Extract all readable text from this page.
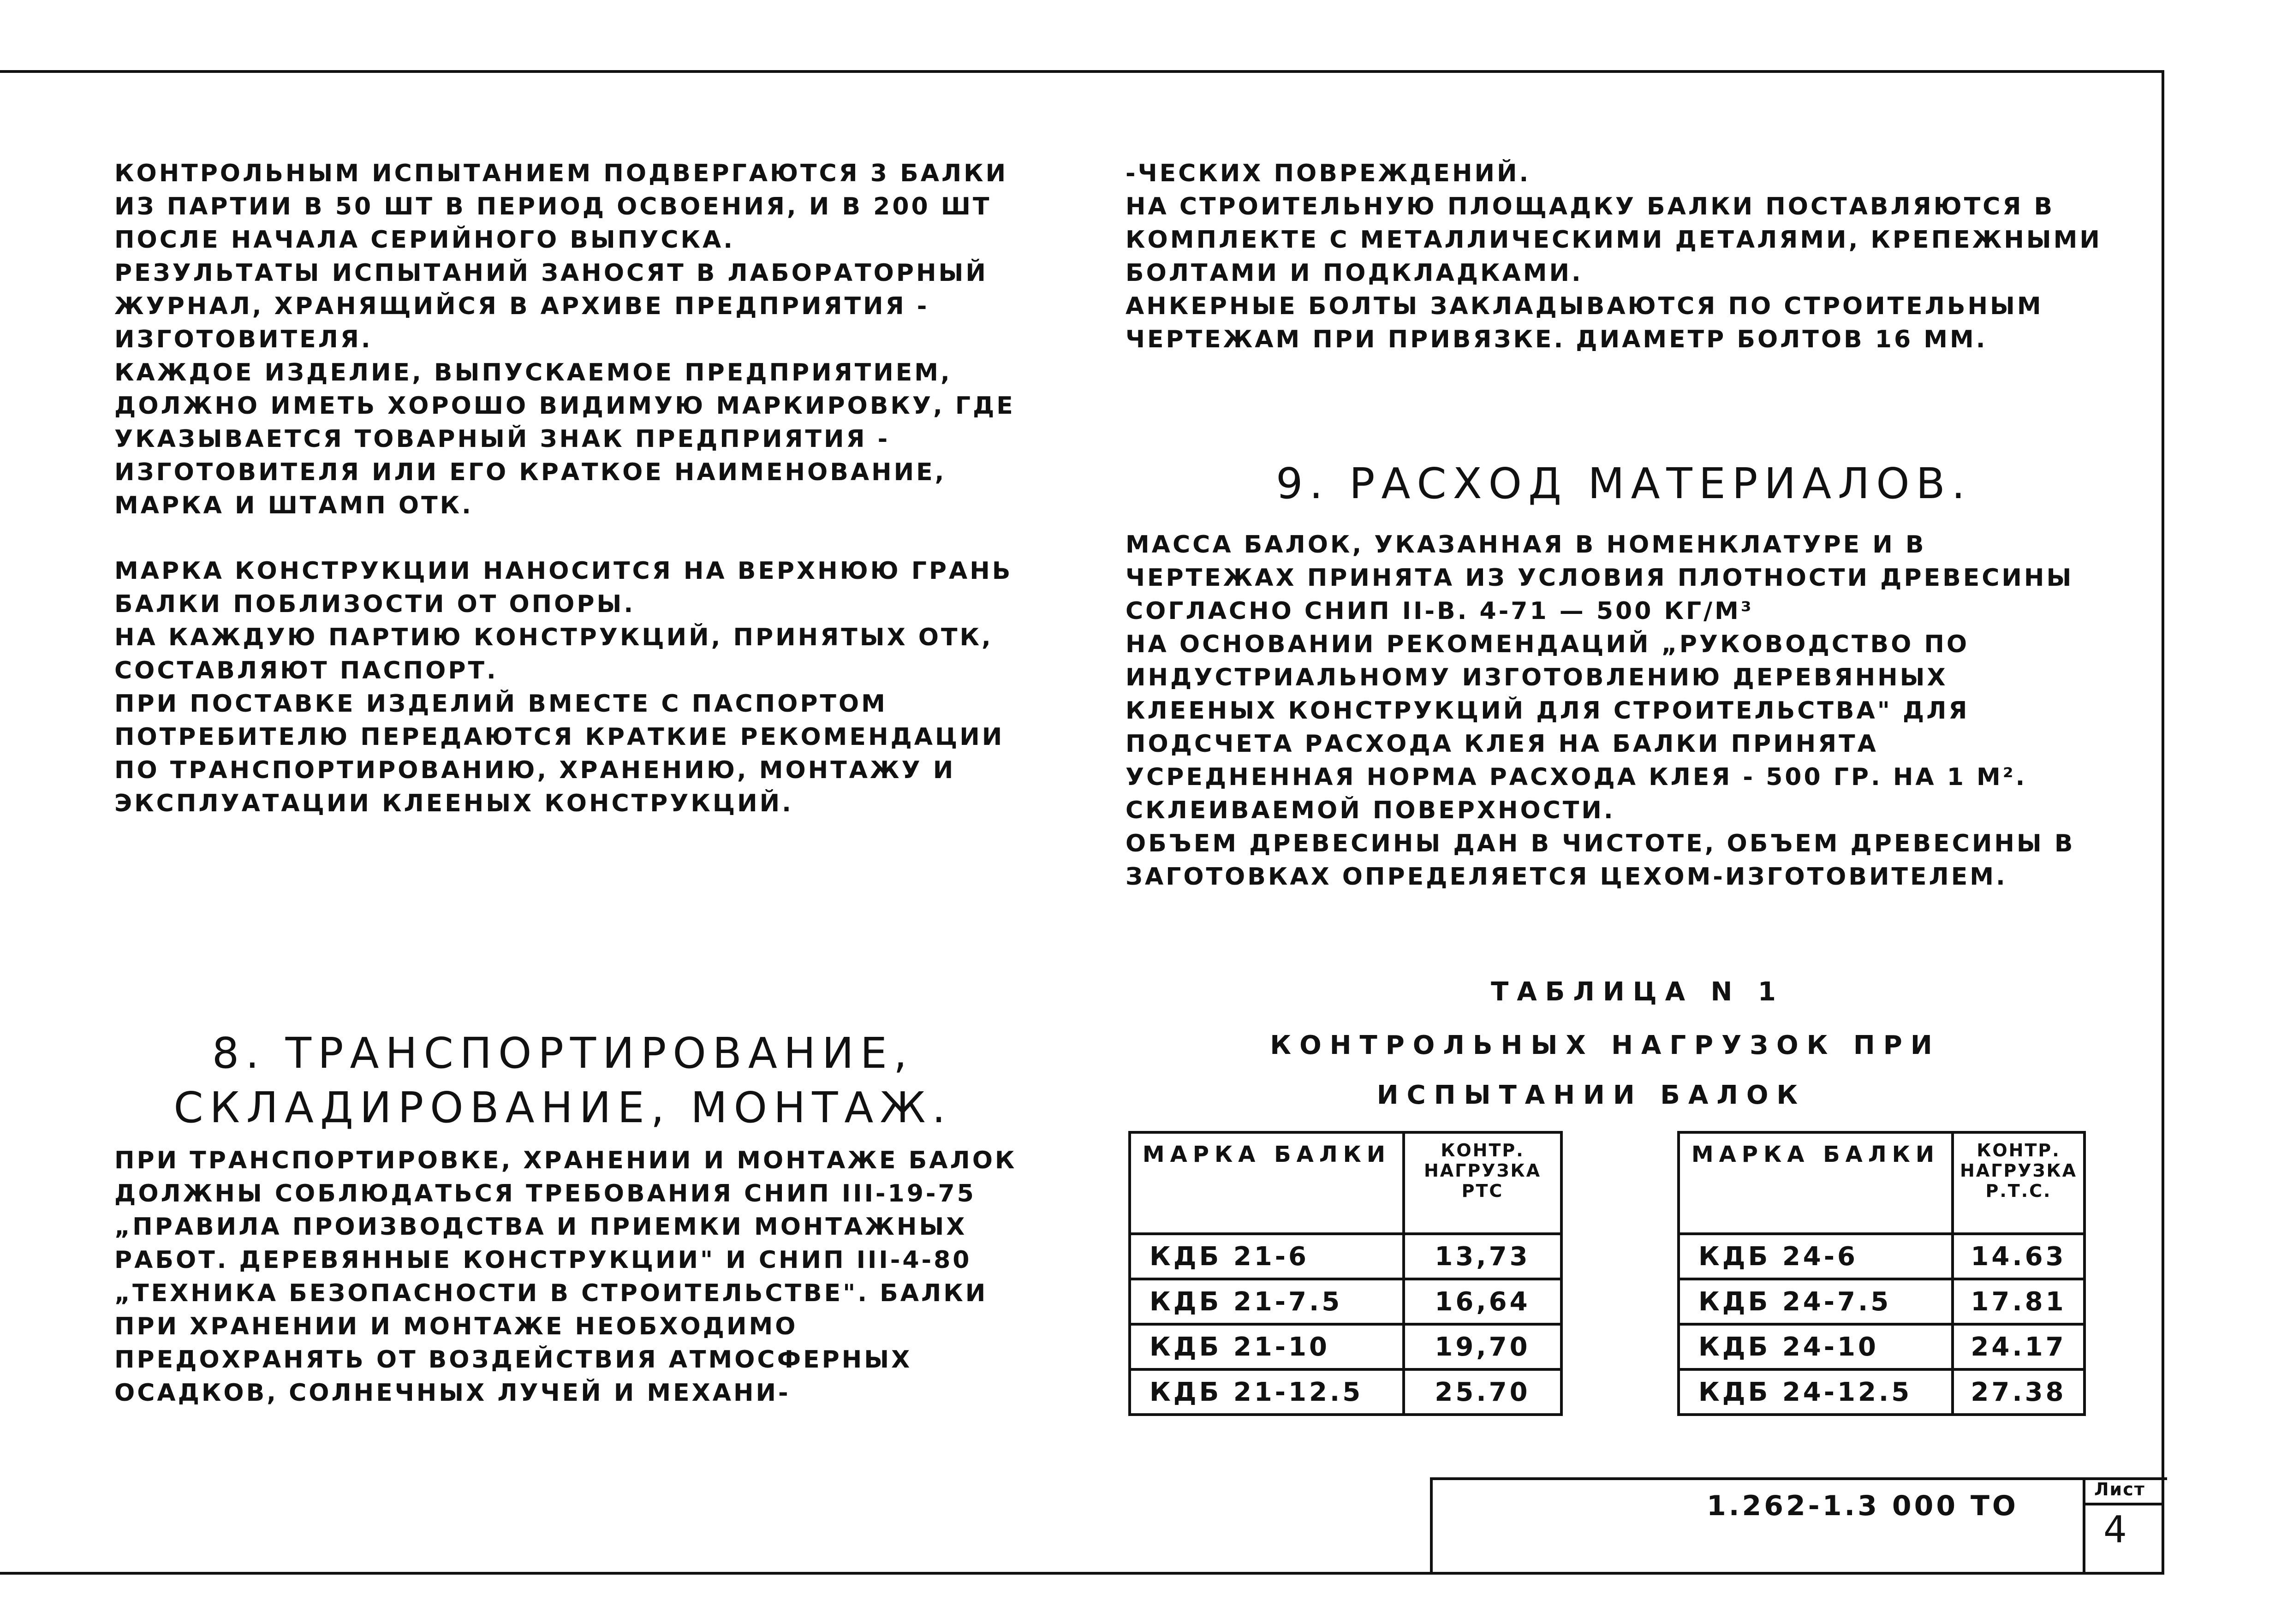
КОНТРОЛЬНЫМ ИСПЫТАНИЕМ ПОДВЕРГАЮТСЯ 3 БАЛКИ ИЗ ПАРТИИ В 50 ШТ В ПЕРИОД ОСВОЕНИЯ, И В 200 ШТ ПОСЛЕ НАЧАЛА СЕРИЙНОГО ВЫПУСКА.

РЕЗУЛЬТАТЫ ИСПЫТАНИЙ ЗАНОСЯТ В ЛАБОРАТОРНЫЙ ЖУРНАЛ, ХРАНЯЩИЙСЯ В АРХИВЕ ПРЕДПРИЯТИЯ - ИЗГОТОВИТЕЛЯ.

КАЖДОЕ ИЗДЕЛИЕ, ВЫПУСКАЕМОЕ ПРЕДПРИЯТИЕМ, ДОЛЖНО ИМЕТЬ ХОРОШО ВИДИМУЮ МАРКИРОВКУ, ГДЕ УКАЗЫВАЕТСЯ ТОВАРНЫЙ ЗНАК ПРЕДПРИЯТИЯ - ИЗГОТОВИТЕЛЯ ИЛИ ЕГО КРАТКОЕ НАИМЕНОВАНИЕ, МАРКА И ШТАМП ОТК.

МАРКА КОНСТРУКЦИИ НАНОСИТСЯ НА ВЕРХНЮЮ ГРАНЬ БАЛКИ ПОБЛИЗОСТИ ОТ ОПОРЫ.

НА КАЖДУЮ ПАРТИЮ КОНСТРУКЦИЙ, ПРИНЯТЫХ ОТК, СОСТАВЛЯЮТ ПАСПОРТ.

ПРИ ПОСТАВКЕ ИЗДЕЛИЙ ВМЕСТЕ С ПАСПОРТОМ ПОТРЕБИТЕЛЮ ПЕРЕДАЮТСЯ КРАТКИЕ РЕКОМЕНДАЦИИ ПО ТРАНСПОРТИРОВАНИЮ, ХРАНЕНИЮ, МОНТАЖУ И ЭКСПЛУАТАЦИИ КЛЕЕНЫХ КОНСТРУКЦИЙ.

8. ТРАНСПОРТИРОВАНИЕ, СКЛАДИРОВАНИЕ, МОНТАЖ.
ПРИ ТРАНСПОРТИРОВКЕ, ХРАНЕНИИ И МОНТАЖЕ БАЛОК ДОЛЖНЫ СОБЛЮДАТЬСЯ ТРЕБОВАНИЯ СНИП III-19-75 „ПРАВИЛА ПРОИЗВОДСТВА И ПРИЕМКИ МОНТАЖНЫХ РАБОТ. ДЕРЕВЯННЫЕ КОНСТРУКЦИИ" И СНИП III-4-80 „ТЕХНИКА БЕЗОПАСНОСТИ В СТРОИТЕЛЬСТВЕ". БАЛКИ ПРИ ХРАНЕНИИ И МОНТАЖЕ НЕОБХОДИМО ПРЕДОХРАНЯТЬ ОТ ВОЗДЕЙСТВИЯ АТМОСФЕРНЫХ ОСАДКОВ, СОЛНЕЧНЫХ ЛУЧЕЙ И МЕХАНИ-

-ЧЕСКИХ ПОВРЕЖДЕНИЙ.

НА СТРОИТЕЛЬНУЮ ПЛОЩАДКУ БАЛКИ ПОСТАВЛЯЮТСЯ В КОМПЛЕКТЕ С МЕТАЛЛИЧЕСКИМИ ДЕТАЛЯМИ, КРЕПЕЖНЫМИ БОЛТАМИ И ПОДКЛАДКАМИ.

АНКЕРНЫЕ БОЛТЫ ЗАКЛАДЫВАЮТСЯ ПО СТРОИТЕЛЬНЫМ ЧЕРТЕЖАМ ПРИ ПРИВЯЗКЕ. ДИАМЕТР БОЛТОВ 16 ММ.

9. РАСХОД МАТЕРИАЛОВ.

МАССА БАЛОК, УКАЗАННАЯ В НОМЕНКЛАТУРЕ И В ЧЕРТЕЖАХ ПРИНЯТА ИЗ УСЛОВИЯ ПЛОТНОСТИ ДРЕВЕСИНЫ СОГЛАСНО СНИП II-В. 4-71 — 500 КГ/М³

НА ОСНОВАНИИ РЕКОМЕНДАЦИЙ „РУКОВОДСТВО ПО ИНДУСТРИАЛЬНОМУ ИЗГОТОВЛЕНИЮ ДЕРЕВЯННЫХ КЛЕЕНЫХ КОНСТРУКЦИЙ ДЛЯ СТРОИТЕЛЬСТВА" ДЛЯ ПОДСЧЕТА РАСХОДА КЛЕЯ НА БАЛКИ ПРИНЯТА УСРЕДНЕННАЯ НОРМА РАСХОДА КЛЕЯ - 500 ГР. НА 1 М². СКЛЕИВАЕМОЙ ПОВЕРХНОСТИ.

ОБЪЕМ ДРЕВЕСИНЫ ДАН В ЧИСТОТЕ, ОБЪЕМ ДРЕВЕСИНЫ В ЗАГОТОВКАХ ОПРЕДЕЛЯЕТСЯ ЦЕХОМ-ИЗГОТОВИТЕЛЕМ.

ТАБЛИЦА N 1
КОНТРОЛЬНЫХ НАГРУЗОК ПРИ
ИСПЫТАНИИ БАЛОК
МАРКА БАЛКИ	КОНТР. НАГРУЗКА РТС
КДБ 21-6	13,73
КДБ 21-7.5	16,64
КДБ 21-10	19,70
КДБ 21-12.5	25.70
МАРКА БАЛКИ	КОНТР. НАГРУЗКА Р.Т.С.
КДБ 24-6	14.63
КДБ 24-7.5	17.81
КДБ 24-10	24.17
КДБ 24-12.5	27.38
1.262-1.3 000 ТО
Лист
4
